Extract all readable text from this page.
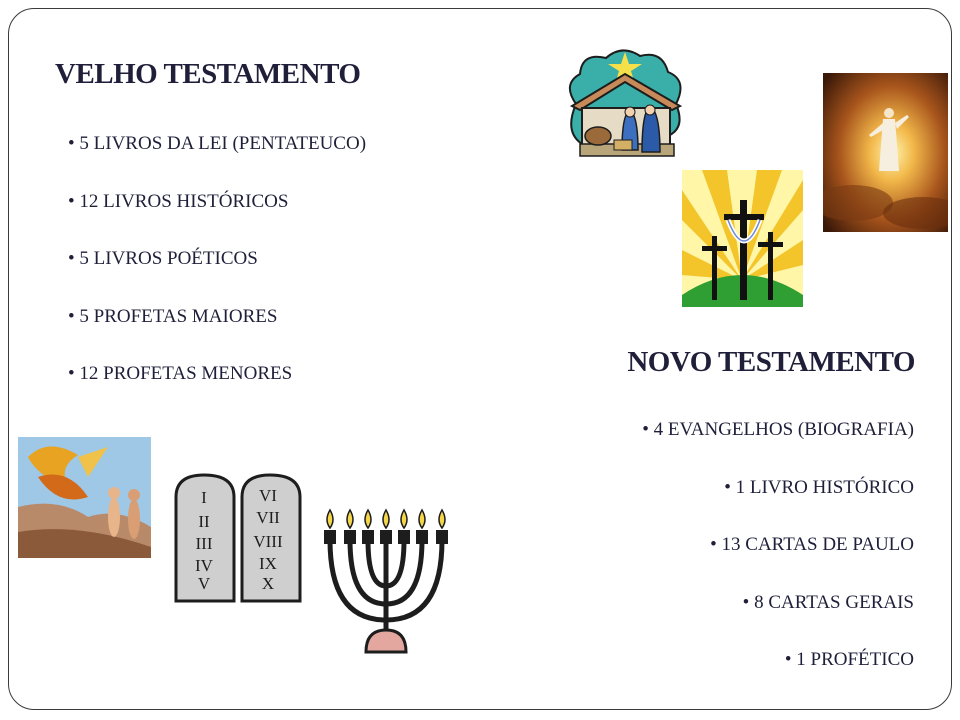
VELHO TESTAMENTO
• 5 LIVROS DA LEI (PENTATEUCO)
• 12 LIVROS HISTÓRICOS
• 5 LIVROS POÉTICOS
• 5 PROFETAS MAIORES
• 12 PROFETAS MENORES	NOVO TESTAMENTO
• 4 EVANGELHOS (BIOGRAFIA)
• 1 LIVRO HISTÓRICO
• 13 CARTAS DE PAULO
• 8 CARTAS GERAIS
• 1 PROFÉTICO
I
II
III
IV
V
VI
VII
VIII
IX
X
